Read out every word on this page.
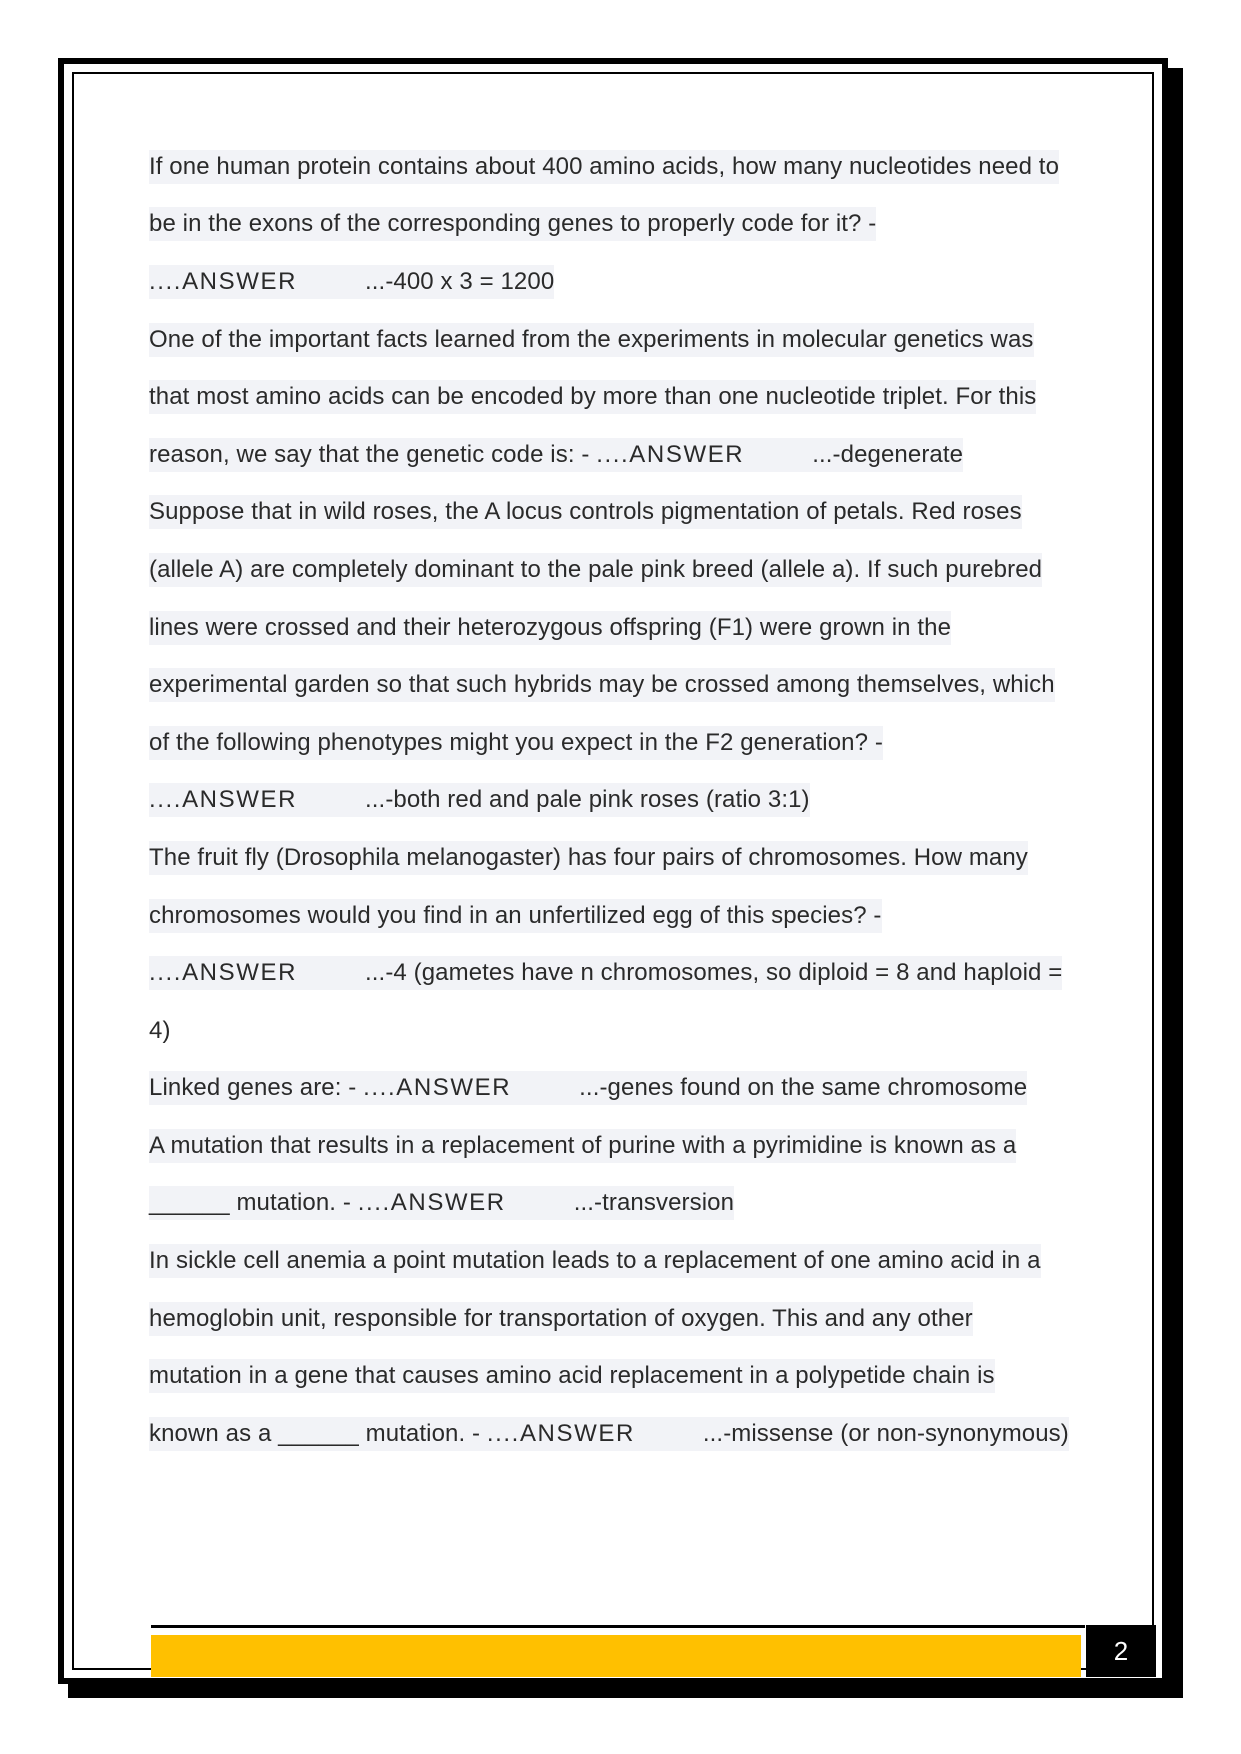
If one human protein contains about 400 amino acids, how many nucleotides need to
be in the exons of the corresponding genes to properly code for it? -
....ANSWER
	...-400 x 3 = 1200
One of the important facts learned from the experiments in molecular genetics was
that most amino acids can be encoded by more than one nucleotide triplet. For this
reason, we say that the genetic code is: - ....ANSWER
	...-degenerate
Suppose that in wild roses, the A locus controls pigmentation of petals. Red roses
(allele A) are completely dominant to the pale pink breed (allele a). If such purebred
lines were crossed and their heterozygous offspring (F1) were grown in the
experimental garden so that such hybrids may be crossed among themselves, which
of the following phenotypes might you expect in the F2 generation? -
....ANSWER
	...-both red and pale pink roses (ratio 3:1)
The fruit fly (Drosophila melanogaster) has four pairs of chromosomes. How many
chromosomes would you find in an unfertilized egg of this species? -
....ANSWER
	...-4 (gametes have n chromosomes, so diploid = 8 and haploid =
4)
Linked genes are: - ....ANSWER
	...-genes found on the same chromosome
A mutation that results in a replacement of purine with a pyrimidine is known as a
______ mutation. - ....ANSWER
	...-transversion
In sickle cell anemia a point mutation leads to a replacement of one amino acid in a
hemoglobin unit, responsible for transportation of oxygen. This and any other
mutation in a gene that causes amino acid replacement in a polypetide chain is
known as a ______ mutation. - ....ANSWER
	...-missense (or non-synonymous)
2
